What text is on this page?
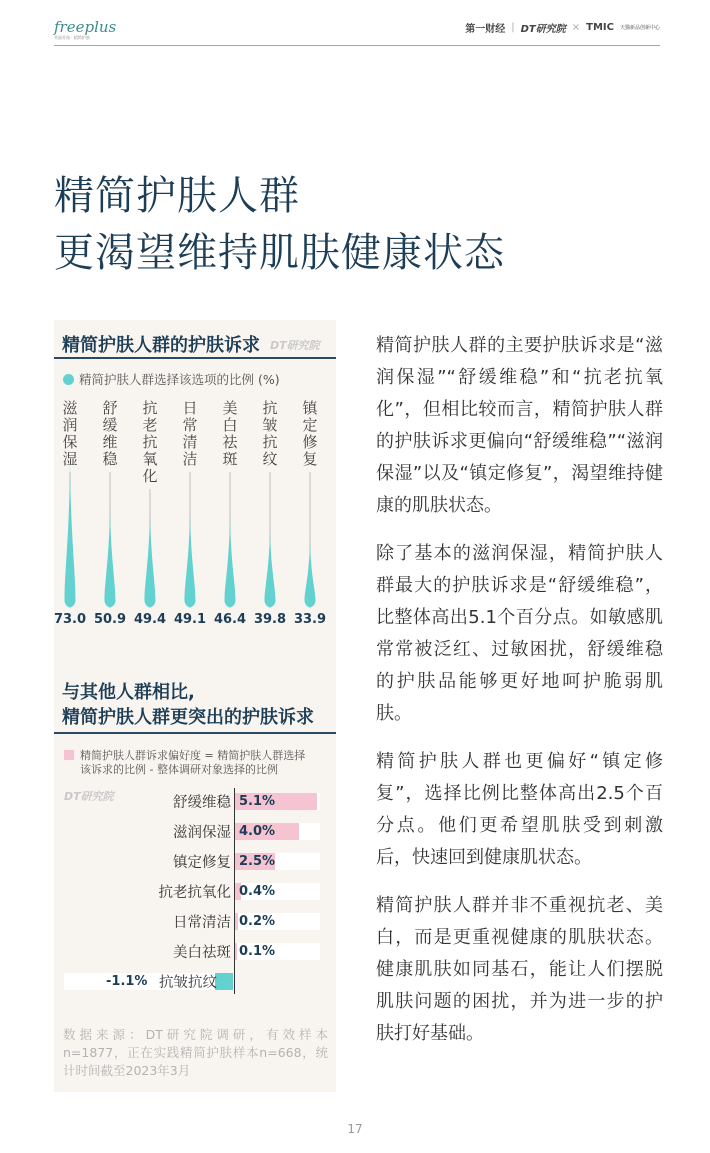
freeplus
芙丽芳丝 · 精简护肤
第一财经 | DT研究院 × TMIC 天猫新品创新中心
精简护肤人群
更渴望维持肌肤健康状态
精简护肤人群的护肤诉求 DT研究院
精简护肤人群选择该选项的比例 (%)
与其他人群相比,
精简护肤人群更突出的护肤诉求
精简护肤人群诉求偏好度 = 精简护肤人群选择
该诉求的比例 - 整体调研对象选择的比例
DT研究院	舒缓维稳 5.1%
滋润保湿 4.0%
镇定修复 2.5%
抗老抗氧化 0.4%
日常清洁 0.2%
美白祛斑 0.1%
-1.1% 抗皱抗纹
数据来源：DT研究院调研，有效样本n=1877，正在实践精简护肤样本n=668，统计时间截至2023年3月
滋
润
保
湿
73.0
舒
缓
维
稳
50.9
抗
老
抗
氧
化
49.4
日
常
清
洁
49.1
美
白
祛
斑
46.4
抗
皱
抗
纹
39.8
镇
定
修
复
33.9

精简护肤人群的主要护肤诉求是“滋润保湿”“舒缓维稳”和“抗老抗氧化”，但相比较而言，精简护肤人群的护肤诉求更偏向“舒缓维稳”“滋润保湿”以及“镇定修复”，渴望维持健康的肌肤状态。

除了基本的滋润保湿，精简护肤人群最大的护肤诉求是“舒缓维稳”，比整体高出5.1个百分点。如敏感肌常常被泛红、过敏困扰，舒缓维稳的护肤品能够更好地呵护脆弱肌肤。

精简护肤人群也更偏好“镇定修复”，选择比例比整体高出2.5个百分点。他们更希望肌肤受到刺激后，快速回到健康肌状态。

精简护肤人群并非不重视抗老、美白，而是更重视健康的肌肤状态。健康肌肤如同基石，能让人们摆脱肌肤问题的困扰，并为进一步的护肤打好基础。

17
